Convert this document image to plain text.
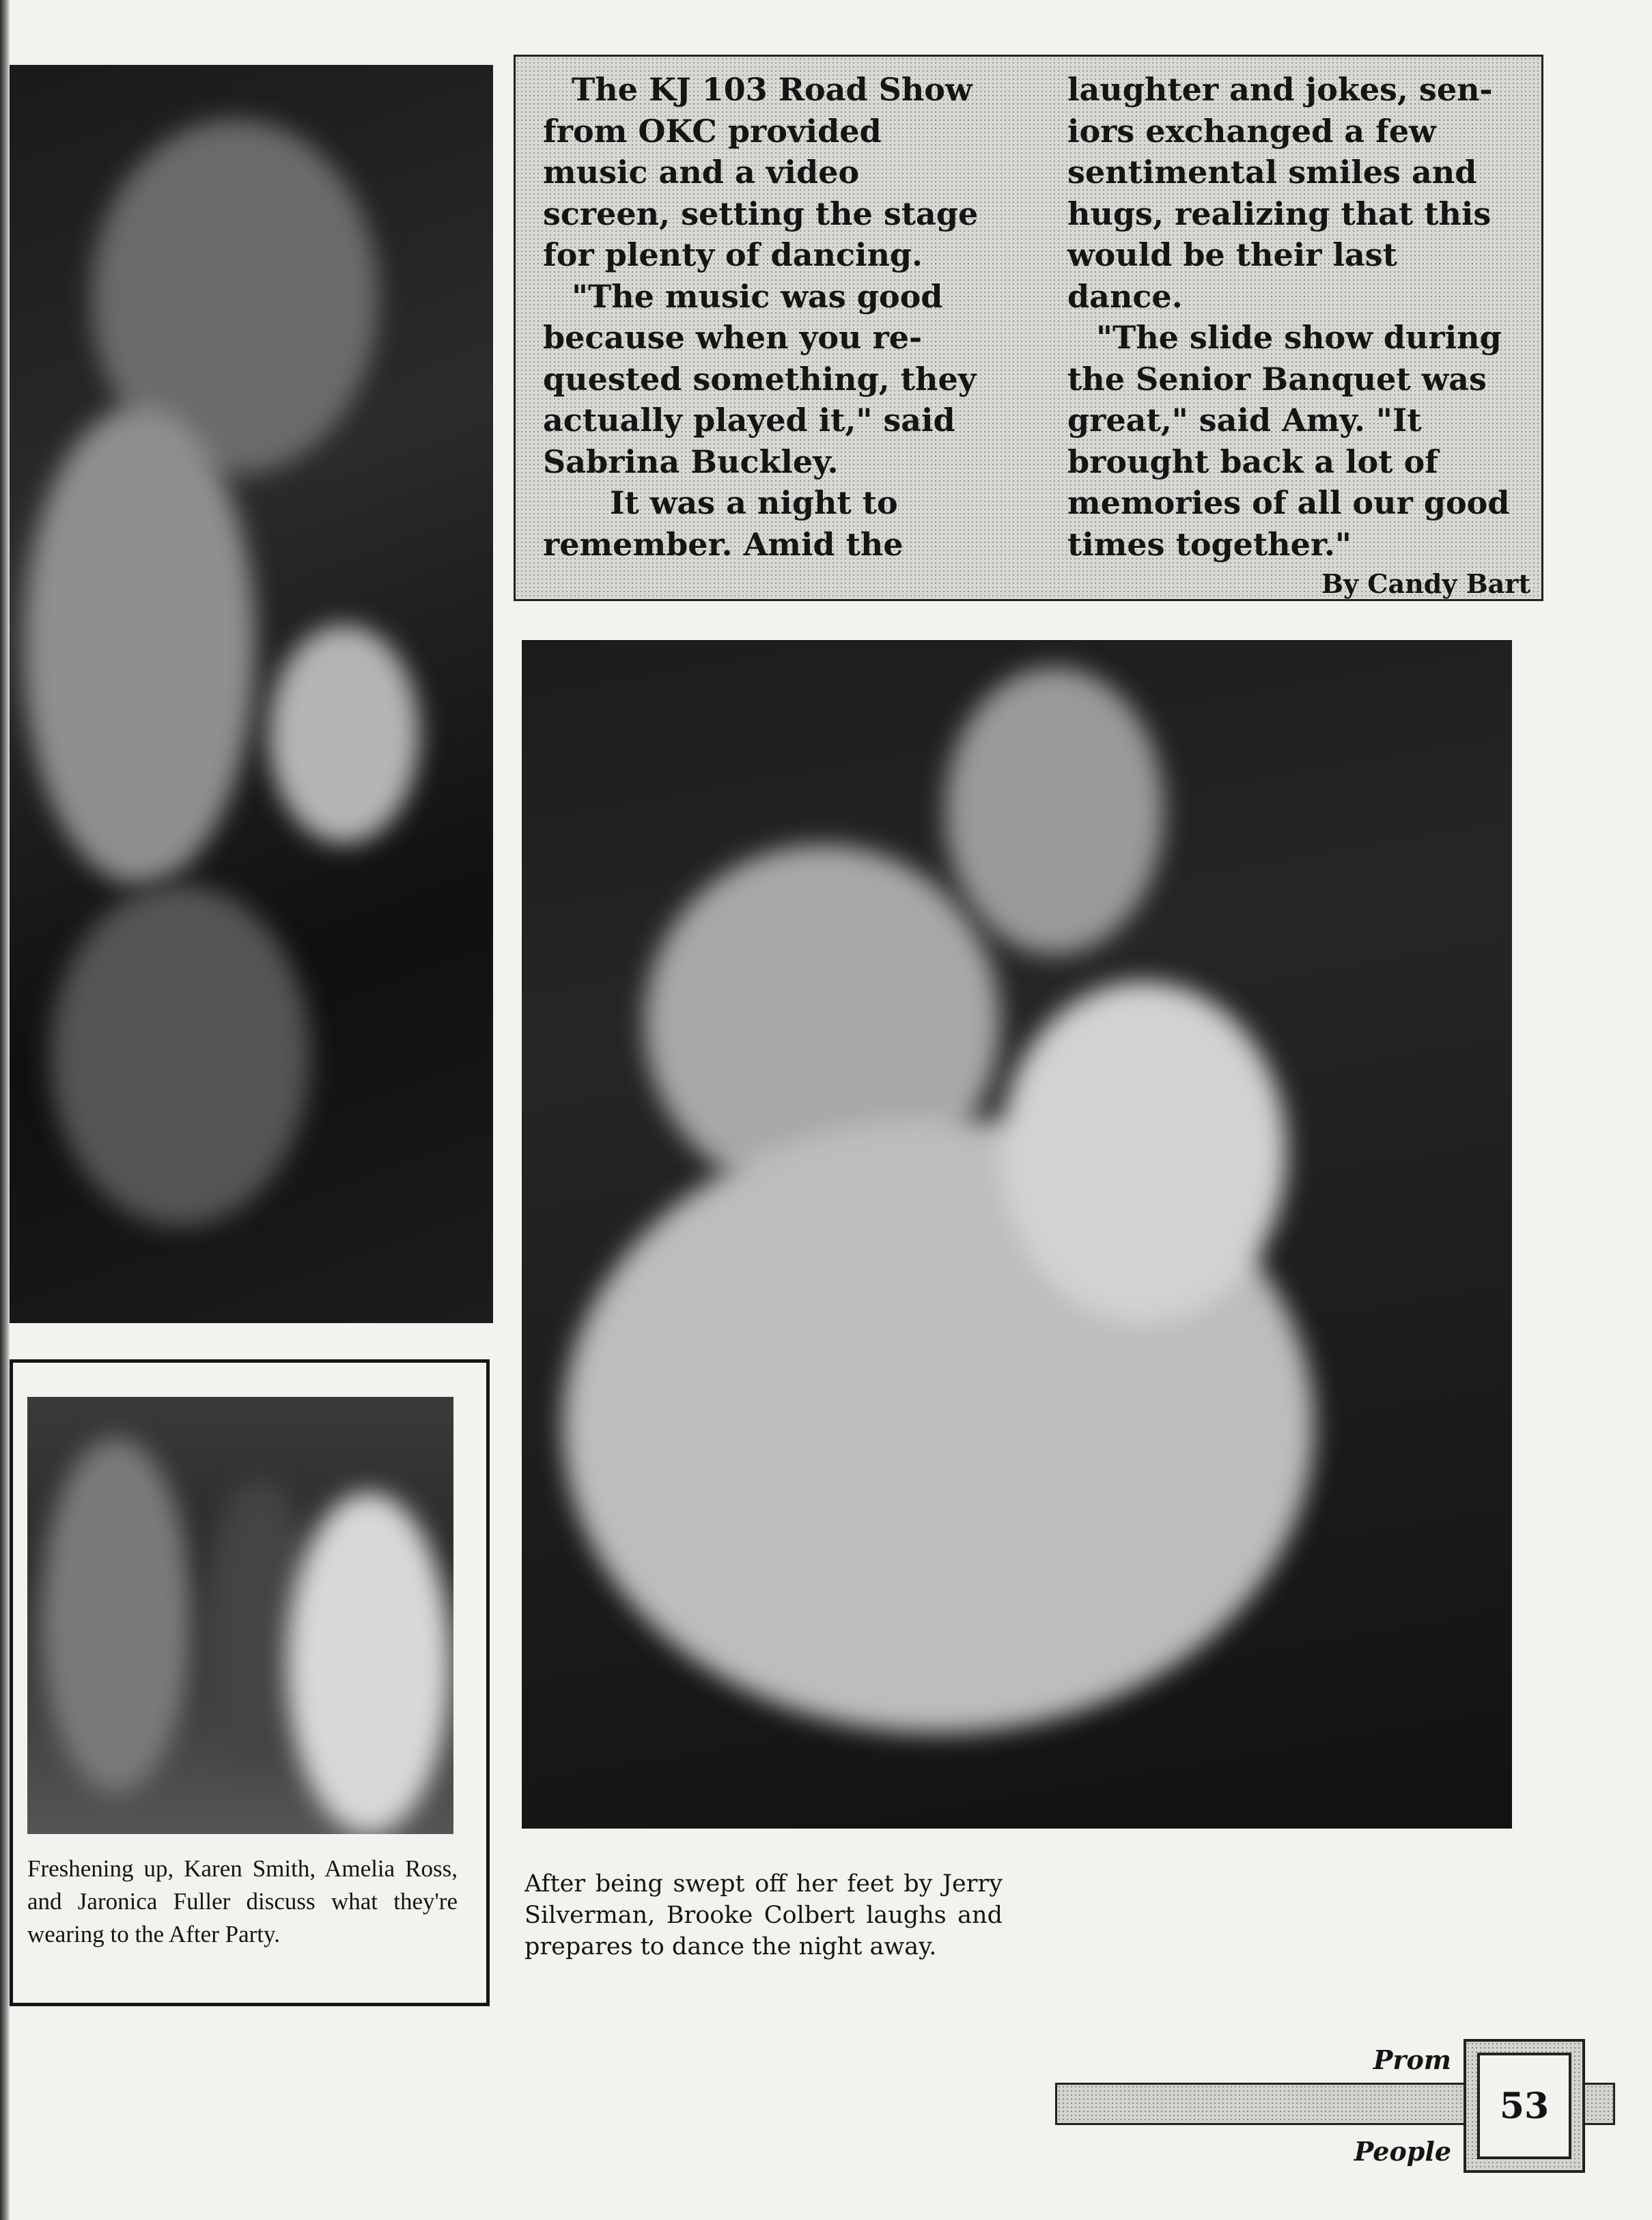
The KJ 103 Road Show from OKC provided music and a video screen, setting the stage for plenty of dancing.

"The music was good because when you re- quested something, they actually played it," said Sabrina Buckley.

It was a night to remember. Amid the

laughter and jokes, sen- iors exchanged a few sentimental smiles and hugs, realizing that this would be their last dance.

"The slide show during the Senior Banquet was great," said Amy. "It brought back a lot of memories of all our good times together."

By Candy Bart
Freshening up, Karen Smith, Amelia Ross, and Jaronica Fuller discuss what they're wearing to the After Party.
After being swept off her feet by Jerry Silverman, Brooke Colbert laughs and prepares to dance the night away.
Prom
People
53
